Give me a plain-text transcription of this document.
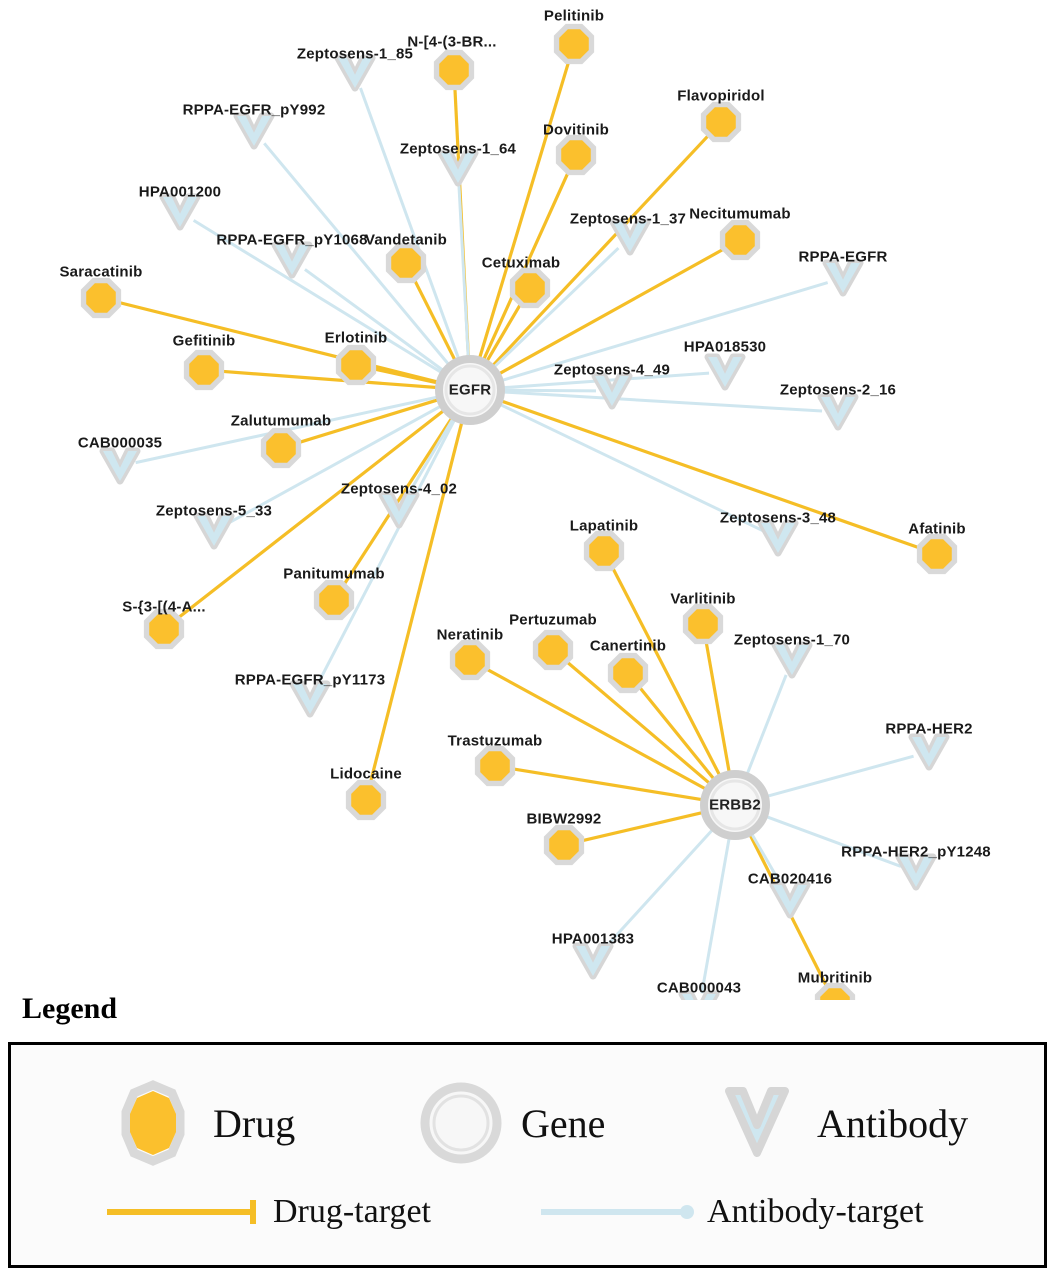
Pelitinib
N-[4-(3-BR...
Flavopiridol
Dovitinib
Necitumumab
Vandetanib
Cetuximab
Saracatinib
Gefitinib	Erlotinib
Zalutumumab
Afatinib
Lapatinib
Varlitinib
Panitumumab
S-{3-[(4-A...
Pertuzumab
Neratinib
Canertinib
Trastuzumab
Lidocaine
BIBW2992
Mubritinib
Zeptosens-1_85
RPPA-EGFR_pY992
Zeptosens-1_64
HPA001200
Zeptosens-1_37
RPPA-EGFR_pY1068
RPPA-EGFR
HPA018530
Zeptosens-4_49
Zeptosens-2_16
CAB000035
Zeptosens-4_02
Zeptosens-5_33	Zeptosens-3_48
Zeptosens-1_70
RPPA-EGFR_pY1173
RPPA-HER2
RPPA-HER2_pY1248
CAB020416
HPA001383
CAB000043
EGFR
ERBB2
Legend
Drug	Gene	Antibody
Drug-target	Antibody-target
